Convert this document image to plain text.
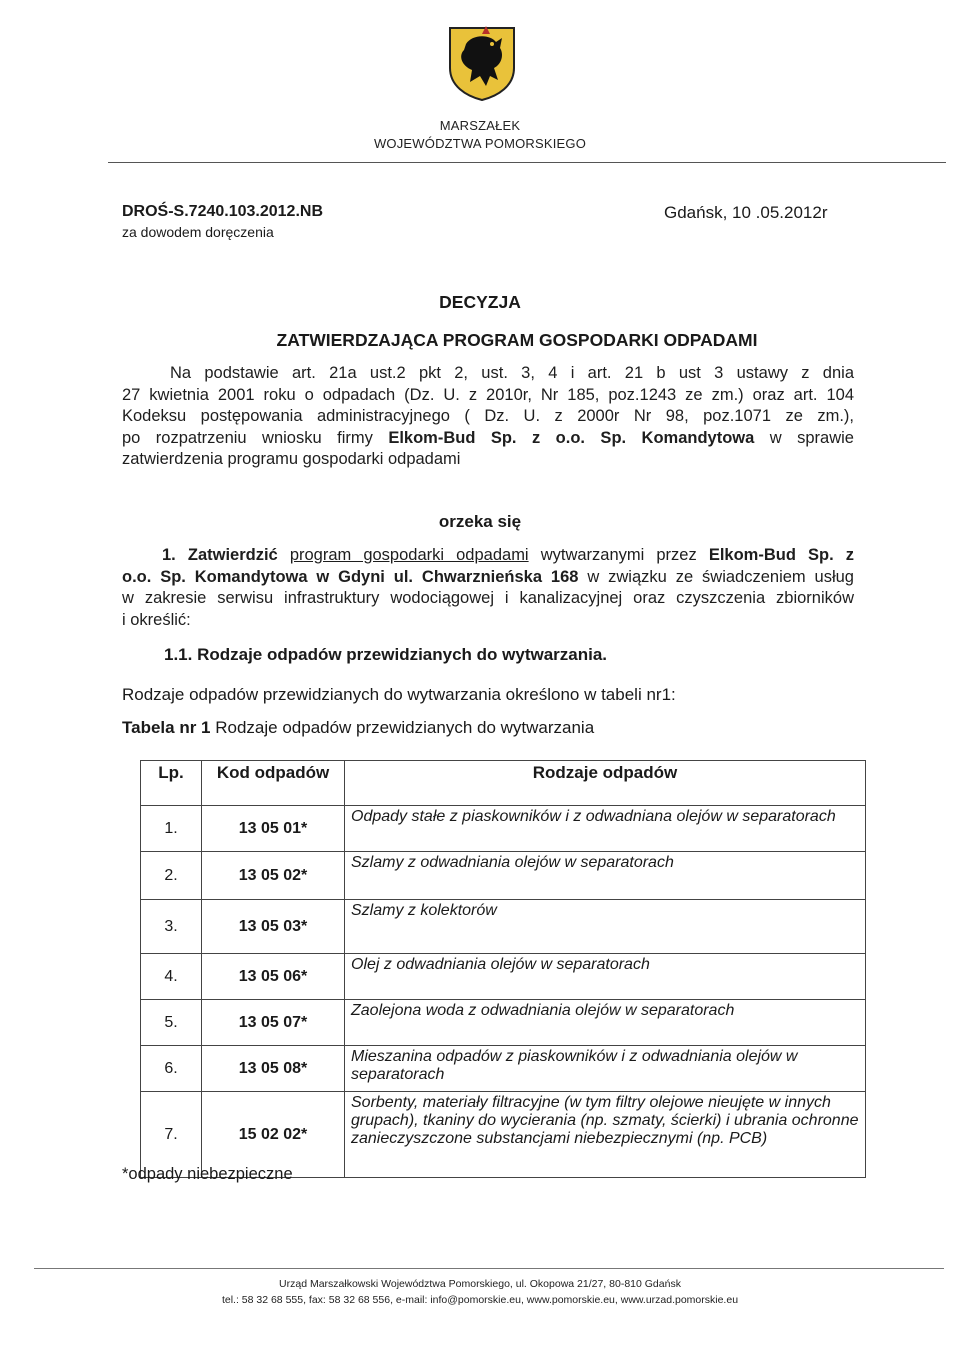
MARSZAŁEK
WOJEWÓDZTWA POMORSKIEGO
DROŚ-S.7240.103.2012.NB
za dowodem doręczenia
Gdańsk, 10 .05.2012r
DECYZJA
ZATWIERDZAJĄCA PROGRAM GOSPODARKI ODPADAMI
Na podstawie art. 21a ust.2 pkt 2, ust. 3, 4 i art. 21 b ust 3 ustawy z dnia
27 kwietnia 2001 roku o odpadach (Dz. U. z 2010r, Nr 185, poz.1243 ze zm.) oraz art. 104
Kodeksu postępowania administracyjnego ( Dz. U. z 2000r Nr 98, poz.1071 ze zm.),
po rozpatrzeniu wniosku firmy Elkom-Bud Sp. z o.o. Sp. Komandytowa w sprawie
zatwierdzenia programu gospodarki odpadami
orzeka się
1. Zatwierdzić program gospodarki odpadami wytwarzanymi przez Elkom-Bud Sp. z
o.o. Sp. Komandytowa w Gdyni ul. Chwarznieńska 168 w związku ze świadczeniem usług
w zakresie serwisu infrastruktury wodociągowej i kanalizacyjnej oraz czyszczenia zbiorników
i określić:
1.1. Rodzaje odpadów przewidzianych do wytwarzania.
Rodzaje odpadów przewidzianych do wytwarzania określono w tabeli nr1:
Tabela nr 1 Rodzaje odpadów przewidzianych do wytwarzania
Lp.	Kod odpadów	Rodzaje odpadów
1.	13 05 01*	Odpady stałe z piaskowników i z odwadniana olejów w separatorach
2.	13 05 02*	Szlamy z odwadniania olejów w separatorach
3.	13 05 03*	Szlamy z kolektorów
4.	13 05 06*	Olej z odwadniania olejów w separatorach
5.	13 05 07*	Zaolejona woda z odwadniania olejów w separatorach
6.	13 05 08*	Mieszanina odpadów z piaskowników i z odwadniania olejów w separatorach
7.	15 02 02*	Sorbenty, materiały filtracyjne (w tym filtry olejowe nieujęte w innych grupach), tkaniny do wycierania (np. szmaty, ścierki) i ubrania ochronne zanieczyszczone substancjami niebezpiecznymi (np. PCB)
*odpady niebezpieczne
Urząd Marszałkowski Województwa Pomorskiego, ul. Okopowa 21/27, 80-810 Gdańsk
tel.: 58 32 68 555, fax: 58 32 68 556, e-mail: info@pomorskie.eu, www.pomorskie.eu, www.urzad.pomorskie.eu
